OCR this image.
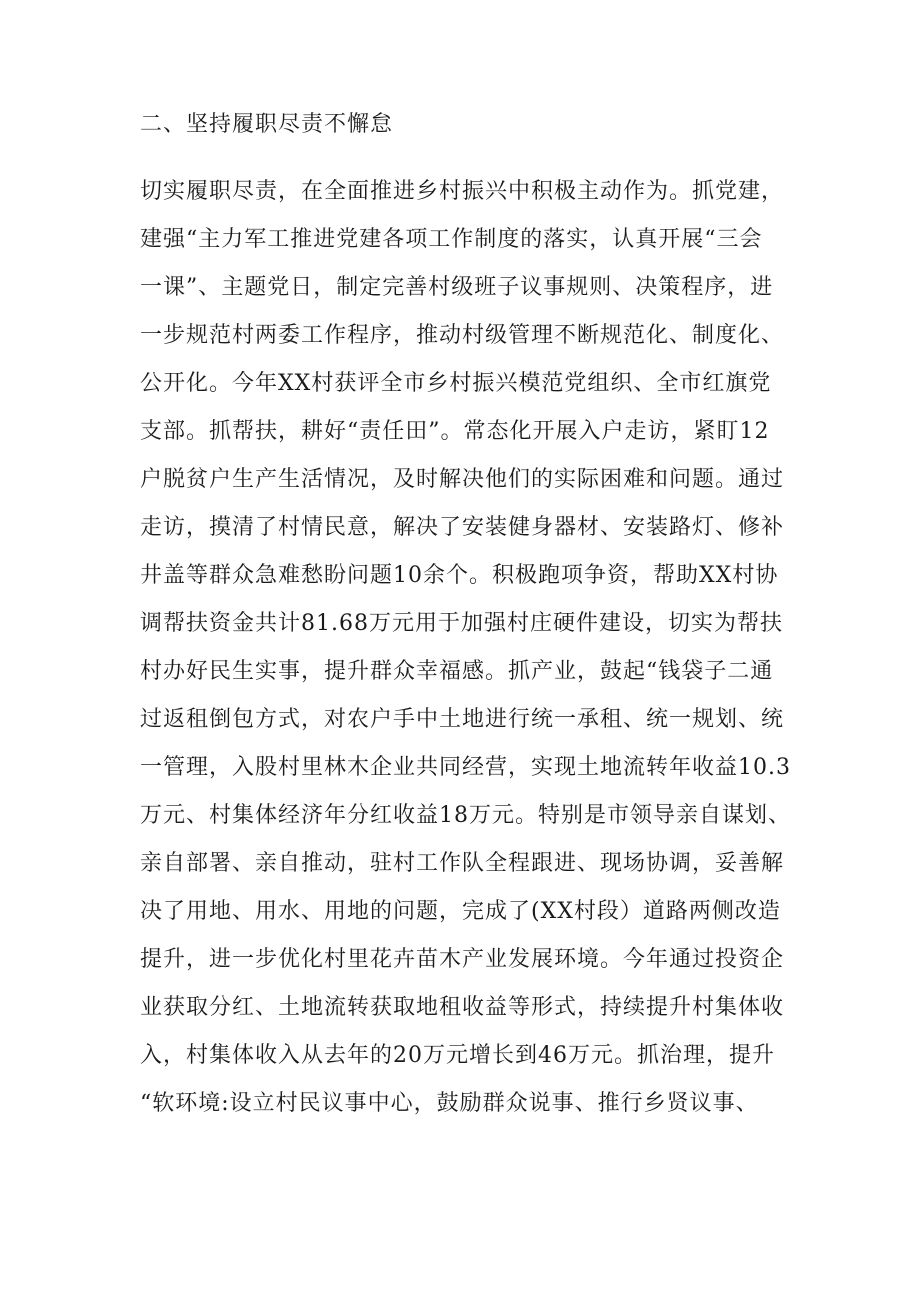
二、坚持履职尽责不懈怠
切实履职尽责，在全面推进乡村振兴中积极主动作为。抓党建，
建强“主力军工推进党建各项工作制度的落实，认真开展“三会
一课”、主题党日，制定完善村级班子议事规则、决策程序，进
一步规范村两委工作程序，推动村级管理不断规范化、制度化、
公开化。今年XX村获评全市乡村振兴模范党组织、全市红旗党
支部。抓帮扶，耕好“责任田”。常态化开展入户走访，紧盯12
户脱贫户生产生活情况，及时解决他们的实际困难和问题。通过
走访，摸清了村情民意，解决了安装健身器材、安装路灯、修补
井盖等群众急难愁盼问题10余个。积极跑项争资，帮助XX村协
调帮扶资金共计81.68万元用于加强村庄硬件建设，切实为帮扶
村办好民生实事，提升群众幸福感。抓产业，鼓起“钱袋子二通
过返租倒包方式，对农户手中土地进行统一承租、统一规划、统
一管理，入股村里林木企业共同经营，实现土地流转年收益10.3
万元、村集体经济年分红收益18万元。特别是市领导亲自谋划、
亲自部署、亲自推动，驻村工作队全程跟进、现场协调，妥善解
决了用地、用水、用地的问题，完成了(XX村段）道路两侧改造
提升，进一步优化村里花卉苗木产业发展环境。今年通过投资企
业获取分红、土地流转获取地租收益等形式，持续提升村集体收
入，村集体收入从去年的20万元增长到46万元。抓治理，提升
“软环境:设立村民议事中心，鼓励群众说事、推行乡贤议事、
